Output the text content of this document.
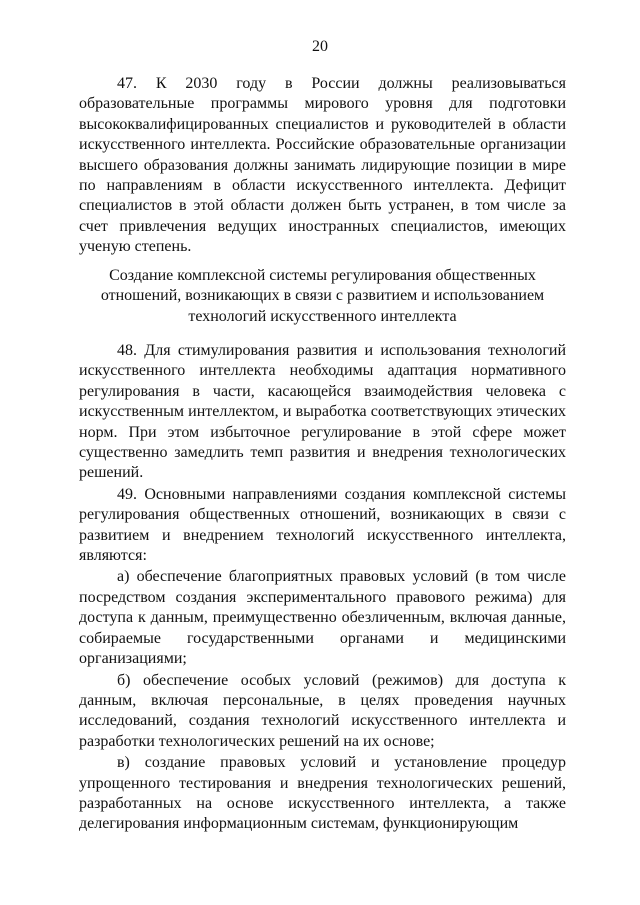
20

47. К 2030 году в России должны реализовываться образовательные программы мирового уровня для подготовки высококвалифицированных специалистов и руководителей в области искусственного интеллекта. Российские образовательные организации высшего образования должны занимать лидирующие позиции в мире по направлениям в области искусственного интеллекта. Дефицит специалистов в этой области должен быть устранен, в том числе за счет привлечения ведущих иностранных специалистов, имеющих ученую степень.

Создание комплексной системы регулирования общественных отношений, возникающих в связи с развитием и использованием технологий искусственного интеллекта

48. Для стимулирования развития и использования технологий искусственного интеллекта необходимы адаптация нормативного регулирования в части, касающейся взаимодействия человека с искусственным интеллектом, и выработка соответствующих этических норм. При этом избыточное регулирование в этой сфере может существенно замедлить темп развития и внедрения технологических решений.

49. Основными направлениями создания комплексной системы регулирования общественных отношений, возникающих в связи с развитием и внедрением технологий искусственного интеллекта, являются:

а) обеспечение благоприятных правовых условий (в том числе посредством создания экспериментального правового режима) для доступа к данным, преимущественно обезличенным, включая данные, собираемые государственными органами и медицинскими организациями;

б) обеспечение особых условий (режимов) для доступа к данным, включая персональные, в целях проведения научных исследований, создания технологий искусственного интеллекта и разработки технологических решений на их основе;

в) создание правовых условий и установление процедур упрощенного тестирования и внедрения технологических решений, разработанных на основе искусственного интеллекта, а также делегирования информационным системам, функционирующим
